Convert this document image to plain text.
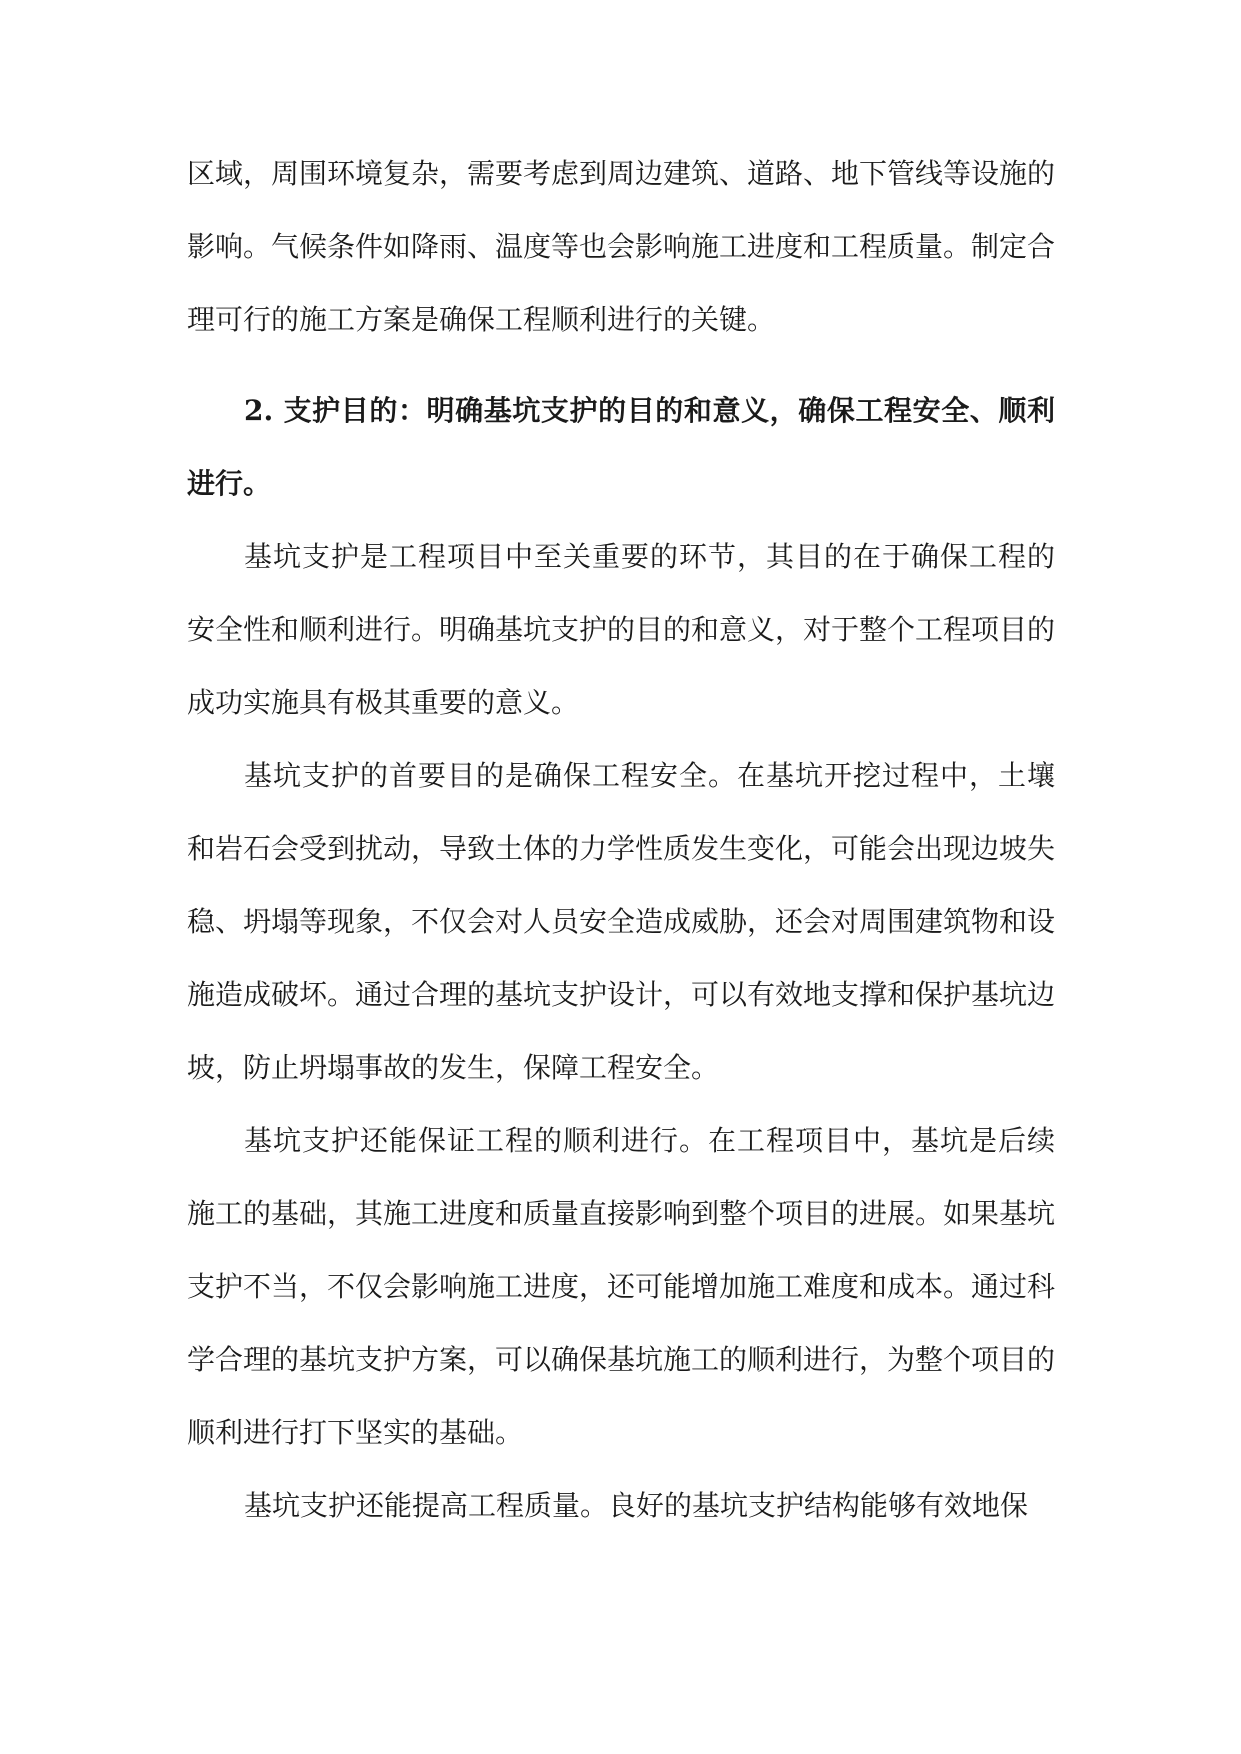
区域，周围环境复杂，需要考虑到周边建筑、道路、地下管线等设施的影响。气候条件如降雨、温度等也会影响施工进度和工程质量。制定合理可行的施工方案是确保工程顺利进行的关键。

2. 支护目的：明确基坑支护的目的和意义，确保工程安全、顺利进行。

基坑支护是工程项目中至关重要的环节，其目的在于确保工程的安全性和顺利进行。明确基坑支护的目的和意义，对于整个工程项目的成功实施具有极其重要的意义。

基坑支护的首要目的是确保工程安全。在基坑开挖过程中，土壤和岩石会受到扰动，导致土体的力学性质发生变化，可能会出现边坡失稳、坍塌等现象，不仅会对人员安全造成威胁，还会对周围建筑物和设施造成破坏。通过合理的基坑支护设计，可以有效地支撑和保护基坑边坡，防止坍塌事故的发生，保障工程安全。

基坑支护还能保证工程的顺利进行。在工程项目中，基坑是后续施工的基础，其施工进度和质量直接影响到整个项目的进展。如果基坑支护不当，不仅会影响施工进度，还可能增加施工难度和成本。通过科学合理的基坑支护方案，可以确保基坑施工的顺利进行，为整个项目的顺利进行打下坚实的基础。

基坑支护还能提高工程质量。良好的基坑支护结构能够有效地保
